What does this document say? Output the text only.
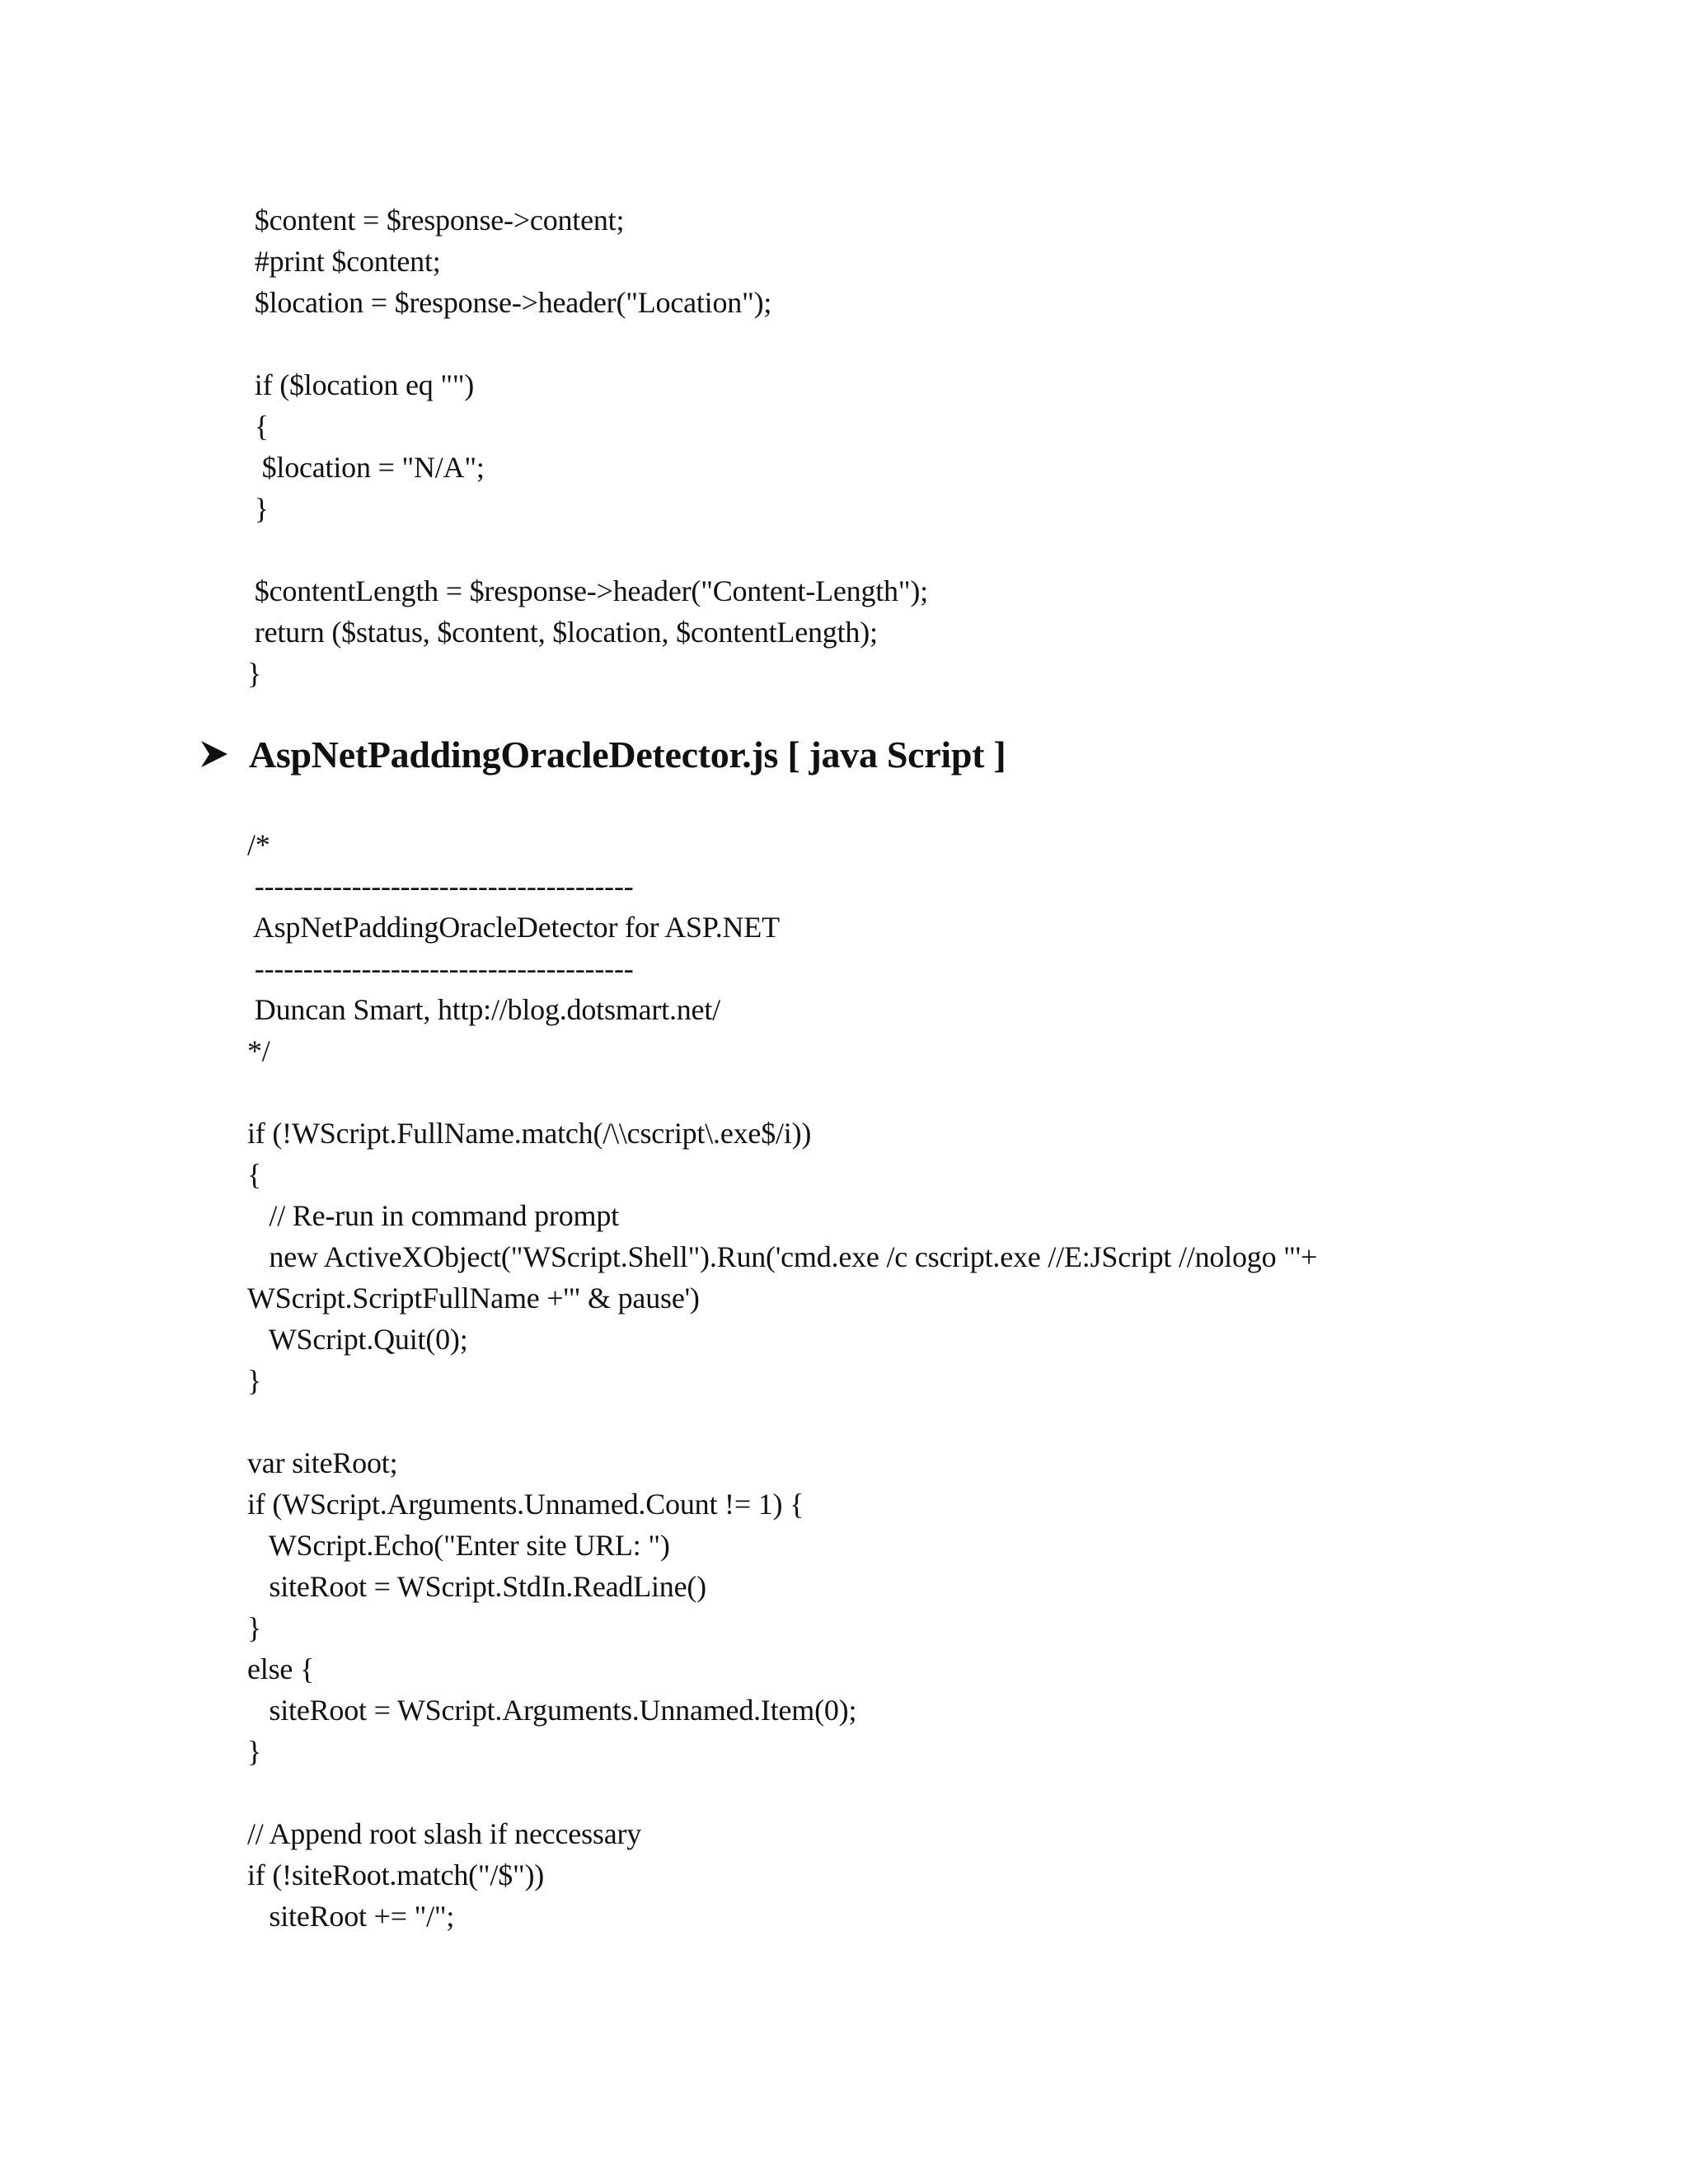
$content = $response->content;
#print $content;
$location = $response->header("Location");
if ($location eq "")
{
$location = "N/A";
}
$contentLength = $response->header("Content-Length");
return ($status, $content, $location, $contentLength);
}
AspNetPaddingOracleDetector.js [ java Script ]
/*
---------------------------------------
AspNetPaddingOracleDetector for ASP.NET
---------------------------------------
Duncan Smart, http://blog.dotsmart.net/
*/
if (!WScript.FullName.match(/\\cscript\.exe$/i))
{
// Re-run in command prompt
new ActiveXObject("WScript.Shell").Run('cmd.exe /c cscript.exe //E:JScript //nologo "'+
WScript.ScriptFullName +'" & pause')
WScript.Quit(0);
}
var siteRoot;
if (WScript.Arguments.Unnamed.Count != 1) {
WScript.Echo("Enter site URL: ")
siteRoot = WScript.StdIn.ReadLine()
}
else {
siteRoot = WScript.Arguments.Unnamed.Item(0);
}
// Append root slash if neccessary
if (!siteRoot.match("/$"))
siteRoot += "/";
